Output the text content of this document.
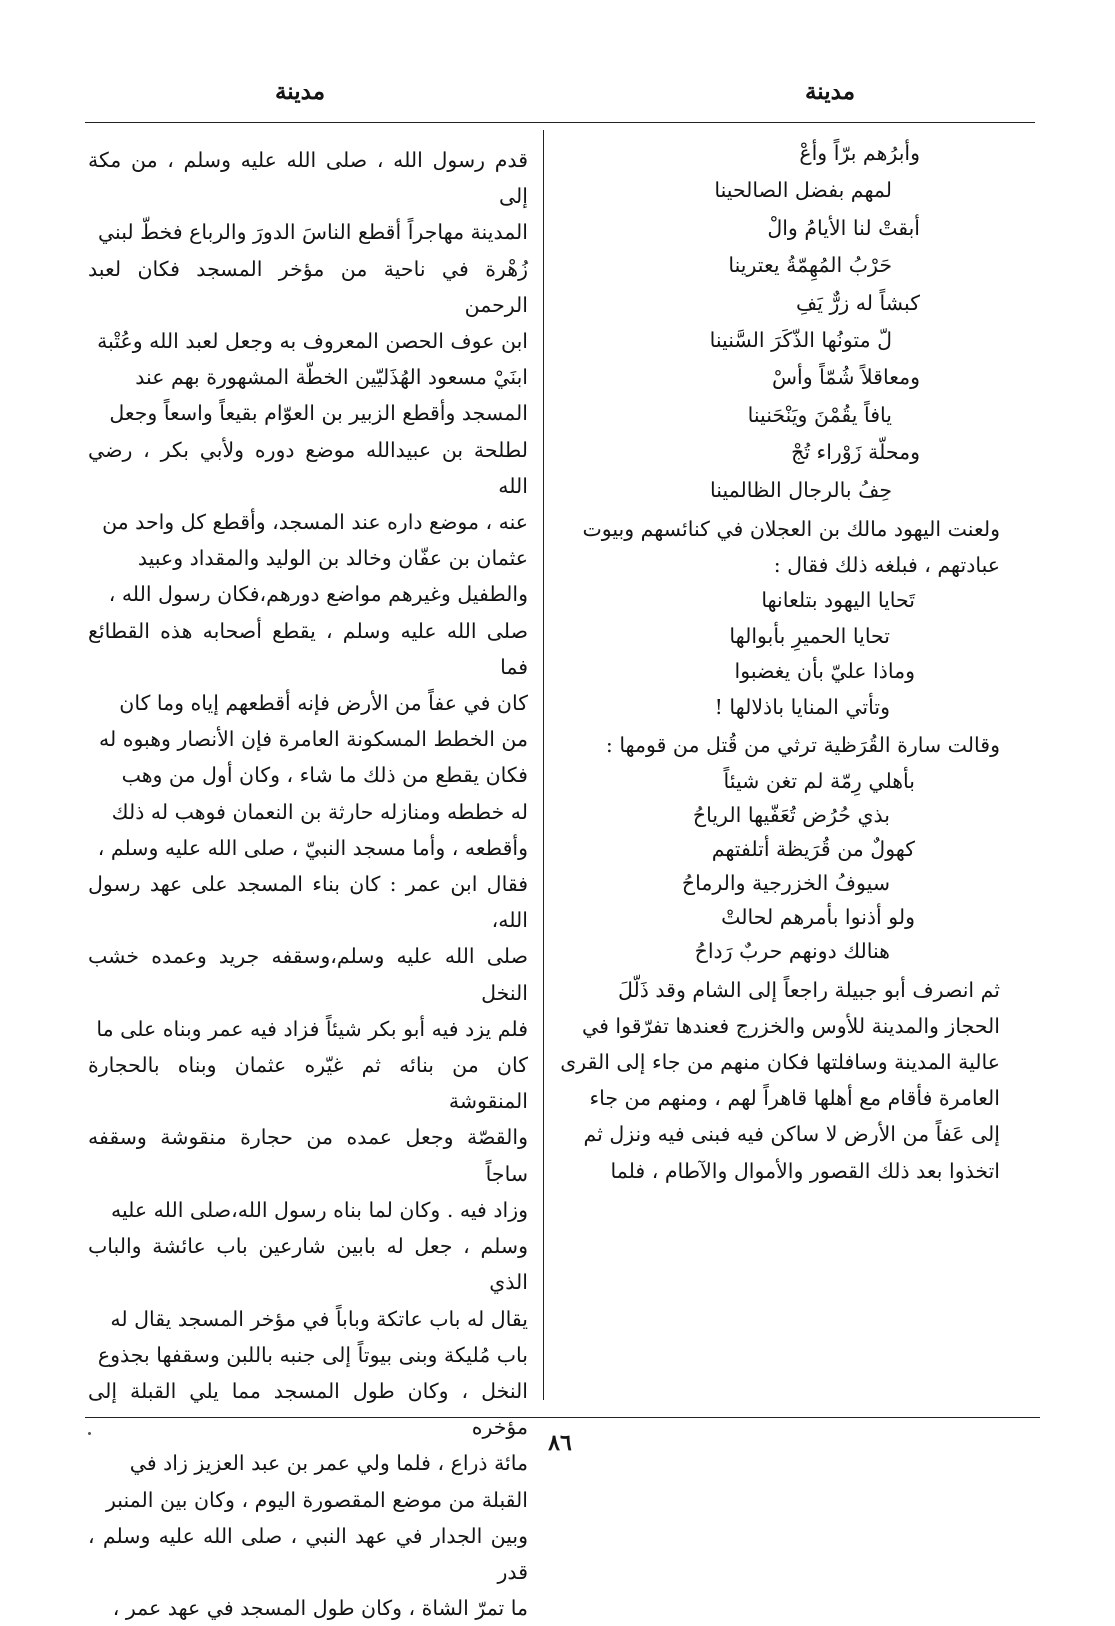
مدينة
مدينة
قدم رسول الله ، صلى الله عليه وسلم ، من مكة إلى
المدينة مهاجراً أقطع الناسَ الدورَ والرباع فخطّ لبني
زُهْرة في ناحية من مؤخر المسجد فكان لعبد الرحمن
ابن عوف الحصن المعروف به وجعل لعبد الله وعُتْبة
ابنَيْ مسعود الهُذَليّين الخطّة المشهورة بهم عند
المسجد وأقطع الزبير بن العوّام بقيعاً واسعاً وجعل
لطلحة بن عبيدالله موضع دوره ولأبي بكر ، رضي الله
عنه ، موضع داره عند المسجد، وأقطع كل واحد من
عثمان بن عفّان وخالد بن الوليد والمقداد وعبيد
والطفيل وغيرهم مواضع دورهم،فكان رسول الله ،
صلى الله عليه وسلم ، يقطع أصحابه هذه القطائع فما
كان في عفاً من الأرض فإنه أقطعهم إياه وما كان
من الخطط المسكونة العامرة فإن الأنصار وهبوه له
فكان يقطع من ذلك ما شاء ، وكان أول من وهب
له خططه ومنازله حارثة بن النعمان فوهب له ذلك
وأقطعه ، وأما مسجد النبيّ ، صلى الله عليه وسلم ،
فقال ابن عمر : كان بناء المسجد على عهد رسول الله،
صلى الله عليه وسلم،وسقفه جريد وعمده خشب النخل
فلم يزد فيه أبو بكر شيئاً فزاد فيه عمر وبناه على ما
كان من بنائه ثم غيّره عثمان وبناه بالحجارة المنقوشة
والقصّة وجعل عمده من حجارة منقوشة وسقفه ساجاً
وزاد فيه . وكان لما بناه رسول الله،صلى الله عليه
وسلم ، جعل له بابين شارعين باب عائشة والباب الذي
يقال له باب عاتكة وباباً في مؤخر المسجد يقال له
باب مُليكة وبنى بيوتاً إلى جنبه باللبن وسقفها بجذوع
النخل ، وكان طول المسجد مما يلي القبلة إلى مؤخره
مائة ذراع ، فلما ولي عمر بن عبد العزيز زاد في
القبلة من موضع المقصورة اليوم ، وكان بين المنبر
وبين الجدار في عهد النبي ، صلى الله عليه وسلم ، قدر
ما تمرّ الشاة ، وكان طول المسجد في عهد عمر ،
وأبرُهم برّاً وأعْ
لمهم بفضل الصالحينا
أبقتْ لنا الأيامُ والْ
حَرْبُ المُهِمّةُ يعترينا
كبشاً له زرٌّ يَفِ
لّ متونُها الذّكَرَ السَّنينا
ومعاقلاً شُمّاً وأسْ
يافاً يقُمْنَ ويَنْحَنينا
ومحلّة زَوْراء تُجْ
حِفُ بالرجال الظالمينا
ولعنت اليهود مالك بن العجلان في كنائسهم وبيوت
عبادتهم ، فبلغه ذلك فقال :
تَحايا اليهود بتلعانها
تحايا الحميرِ بأبوالها
وماذا عليّ بأن يغضبوا
وتأتي المنايا باذلالها !
وقالت سارة القُرَظية ترثي من قُتل من قومها :
بأهلي رِمّة لم تغن شيئاً
بذي حُرُض تُعَفّيها الرياحُ
كهولٌ من قُرَيظة أتلفتهم
سيوفُ الخزرجية والرماحُ
ولو أذنوا بأمرهم لحالتْ
هنالك دونهم حربٌ رَداحُ
ثم انصرف أبو جبيلة راجعاً إلى الشام وقد ذَلّلَ
الحجاز والمدينة للأوس والخزرج فعندها تفرّقوا في
عالية المدينة وسافلتها فكان منهم من جاء إلى القرى
العامرة فأقام مع أهلها قاهراً لهم ، ومنهم من جاء
إلى عَفاً من الأرض لا ساكن فيه فبنى فيه ونزل ثم
اتخذوا بعد ذلك القصور والأموال والآطام ، فلما
٨٦
